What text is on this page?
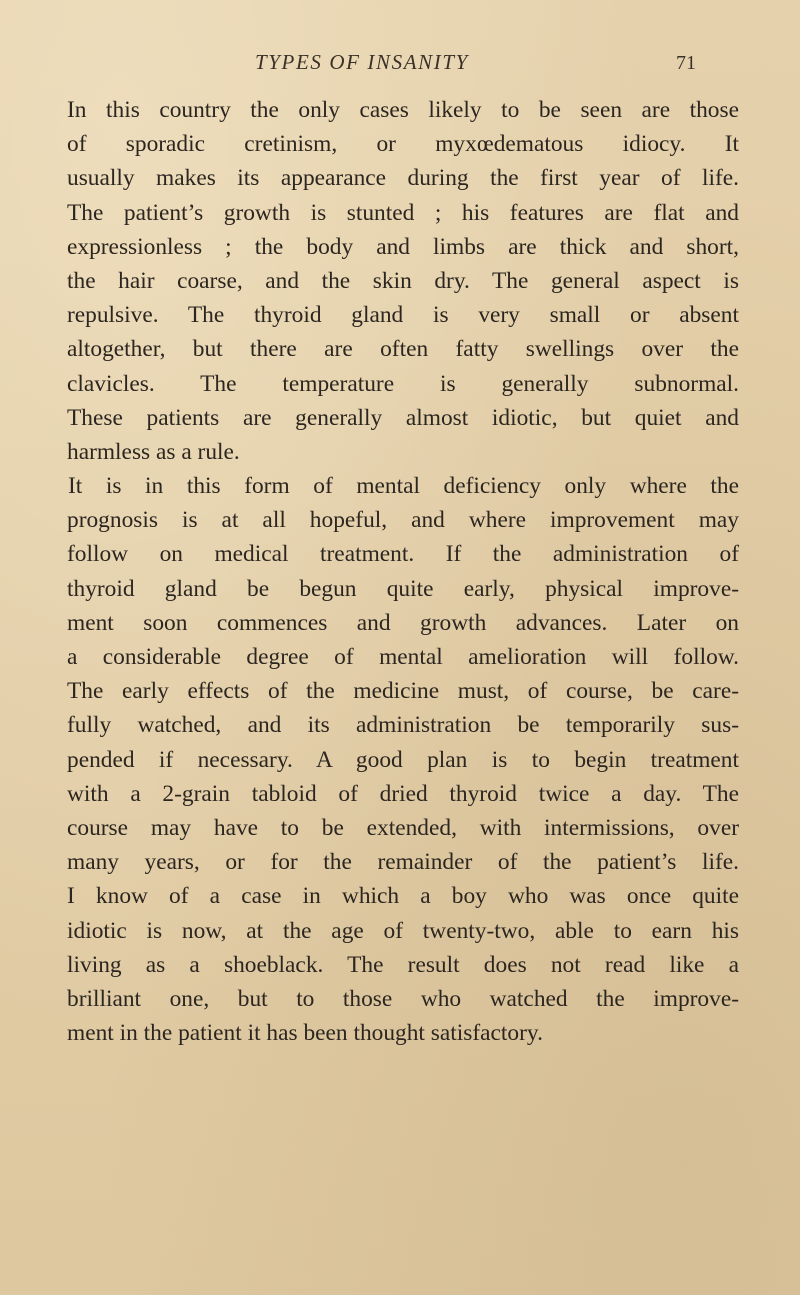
TYPES OF INSANITY	71
In this country the only cases likely to be seen are those
of sporadic cretinism, or myxœdematous idiocy. It
usually makes its appearance during the first year of life.
The patient’s growth is stunted ; his features are flat and
expressionless ; the body and limbs are thick and short,
the hair coarse, and the skin dry. The general aspect is
repulsive. The thyroid gland is very small or absent
altogether, but there are often fatty swellings over the
clavicles. The temperature is generally subnormal.
These patients are generally almost idiotic, but quiet and
harmless as a rule.
It is in this form of mental deficiency only where the
prognosis is at all hopeful, and where improvement may
follow on medical treatment. If the administration of
thyroid gland be begun quite early, physical improve-
ment soon commences and growth advances. Later on
a considerable degree of mental amelioration will follow.
The early effects of the medicine must, of course, be care-
fully watched, and its administration be temporarily sus-
pended if necessary. A good plan is to begin treatment
with a 2-grain tabloid of dried thyroid twice a day. The
course may have to be extended, with intermissions, over
many years, or for the remainder of the patient’s life.
I know of a case in which a boy who was once quite
idiotic is now, at the age of twenty-two, able to earn his
living as a shoeblack. The result does not read like a
brilliant one, but to those who watched the improve-
ment in the patient it has been thought satisfactory.
